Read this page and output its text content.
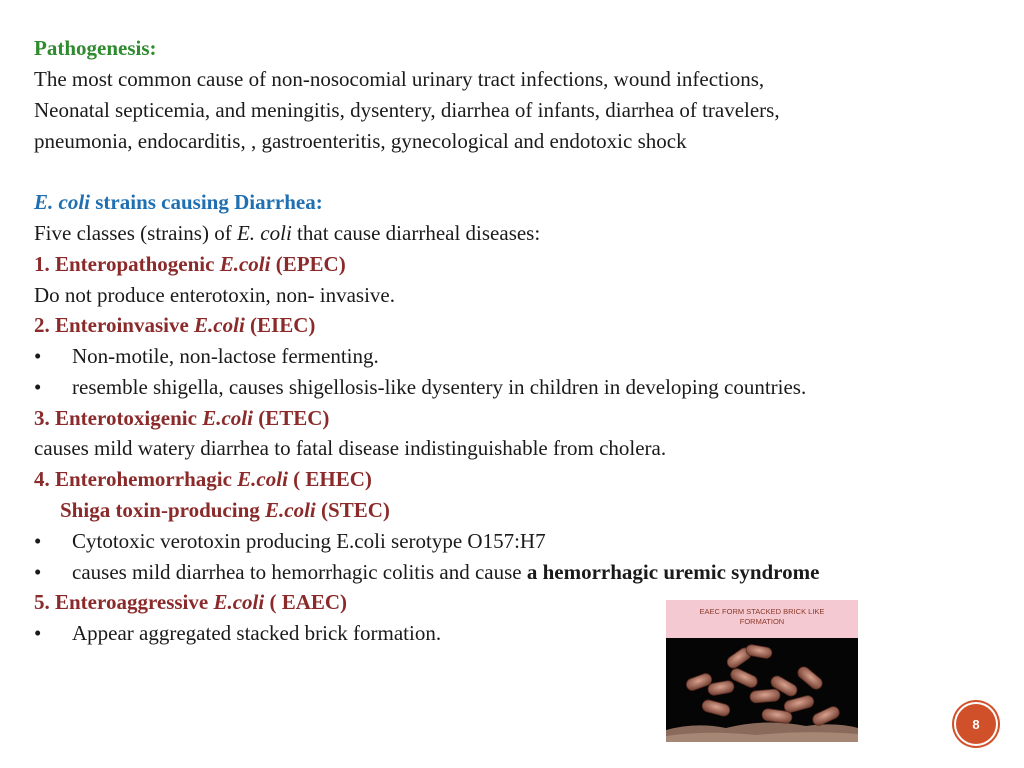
Pathogenesis:
The most common cause of non-nosocomial urinary tract infections, wound infections,
Neonatal septicemia, and meningitis, dysentery, diarrhea of infants, diarrhea of travelers,
pneumonia, endocarditis, , gastroenteritis, gynecological and endotoxic shock
E. coli strains causing Diarrhea:
Five classes (strains) of E. coli that cause diarrheal diseases:
1. Enteropathogenic E.coli (EPEC)
Do not produce enterotoxin, non- invasive.
2. Enteroinvasive E.coli (EIEC)
• Non-motile, non-lactose fermenting.
• resemble shigella, causes shigellosis-like dysentery in children in developing countries.
3. Enterotoxigenic E.coli (ETEC)
causes mild watery diarrhea to fatal disease indistinguishable from cholera.
4. Enterohemorrhagic E.coli ( EHEC)
Shiga toxin-producing E.coli (STEC)
• Cytotoxic verotoxin producing E.coli serotype O157:H7
• causes mild diarrhea to hemorrhagic colitis and cause a hemorrhagic uremic syndrome
5. Enteroaggressive E.coli ( EAEC)
• Appear aggregated stacked brick formation.
EAEC FORM STACKED BRICK LIKE
FORMATION
8
